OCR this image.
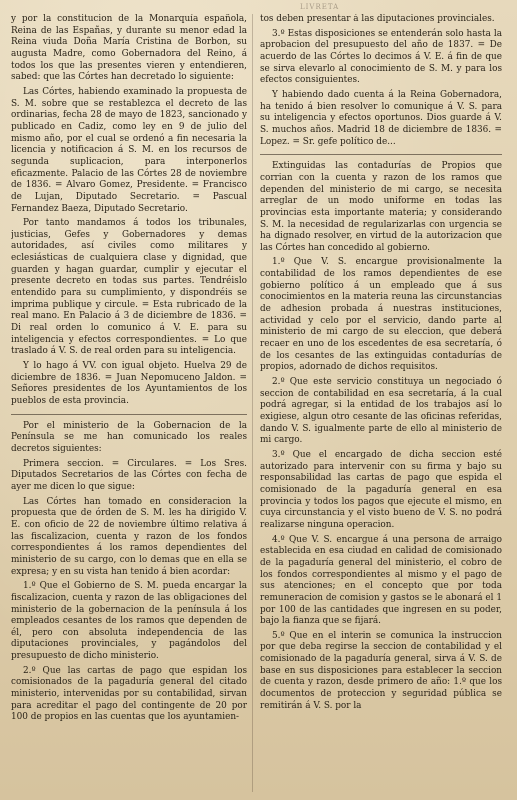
LIVRETA

y por la constitucion de la Monarquía española, Reina de las Españas, y durante su menor edad la Reina viuda Doña María Cristina de Borbon, su augusta Madre, como Gobernadora del Reino, á todos los que las presentes vieren y entendieren, sabed: que las Córtes han decretado lo siguiente:

Las Córtes, habiendo examinado la propuesta de S. M. sobre que se restablezca el decreto de las ordinarias, fecha 28 de mayo de 1823, sancionado y publicado en Cadiz, como ley en 9 de julio del mismo año, por el cual se ordenó a fin necesaria la licencia y notificacion á S. M. en los recursos de segunda suplicacion, para interponerlos eficazmente. Palacio de las Córtes 28 de noviembre de 1836. = Alvaro Gomez, Presidente. = Francisco de Lujan, Diputado Secretario. = Pascual Fernandez Baeza, Diputado Secretario.

Por tanto mandamos á todos los tribunales, justicias, Gefes y Gobernadores y demas autoridades, así civiles como militares y eclesiásticas de cualquiera clase y dignidad, que guarden y hagan guardar, cumplir y ejecutar el presente decreto en todas sus partes. Tendréislo entendido para su cumplimiento, y dispondréis se imprima publique y circule. = Esta rubricado de la real mano. En Palacio á 3 de diciembre de 1836. = Di real orden lo comunico á V. E. para su inteligencia y efectos correspondientes. = Lo que traslado á V. S. de real orden para su inteligencia.

Y lo hago á VV. con igual objeto. Huelva 29 de diciembre de 1836. = Juan Nepomuceno Jaldon. = Señores presidentes de los Ayuntamientos de los pueblos de esta provincia.

Por el ministerio de la Gobernacion de la Península se me han comunicado los reales decretos siguientes:

Primera seccion. = Circulares. = Los Sres. Diputados Secretarios de las Córtes con fecha de ayer me dicen lo que sigue:

Las Córtes han tomado en consideracion la propuesta que de órden de S. M. les ha dirigido V. E. con oficio de 22 de noviembre último relativa á las fiscalizacion, cuenta y razon de los fondos correspondientes á los ramos dependientes del ministerio de su cargo, con lo demas que en ella se expresa; y en su vista han tenido á bien acordar:

1.º Que el Gobierno de S. M. pueda encargar la fiscalizacion, cuenta y razon de las obligaciones del ministerio de la gobernacion de la península á los empleados cesantes de los ramos que dependen de él, pero con absoluta independencia de las diputaciones provinciales, y pagándolos del presupuesto de dicho ministerio.

2.º Que las cartas de pago que espidan los comisionados de la pagaduría general del citado ministerio, intervenidas por su contabilidad, sirvan para acreditar el pago del contingente de 20 por 100 de propios en las cuentas que los ayuntamien-

tos deben presentar á las diputaciones provinciales.

3.º Estas disposiciones se entenderán solo hasta la aprobacion del presupuesto del año de 1837. = De acuerdo de las Córtes lo decimos á V. E. á fin de que se sirva elevarlo al conocimiento de S. M. y para los efectos consiguientes.

Y habiendo dado cuenta á la Reina Gobernadora, ha tenido á bien resolver lo comunique á V. S. para su inteligencia y efectos oportunos. Dios guarde á V. S. muchos años. Madrid 18 de diciembre de 1836. = Lopez. = Sr. gefe político de...

Extinguidas las contadurías de Propios que corrian con la cuenta y razon de los ramos que dependen del ministerio de mi cargo, se necesita arreglar de un modo uniforme en todas las provincias esta importante materia; y considerando S. M. la necesidad de regularizarlas con urgencia se ha dignado resolver, en virtud de la autorizacion que las Córtes han concedido al gobierno.

1.º Que V. S. encargue provisionalmente la contabilidad de los ramos dependientes de ese gobierno político á un empleado que á sus conocimientos en la materia reuna las circunstancias de adhesion probada á nuestras instituciones, actividad y celo por el servicio, dando parte al ministerio de mi cargo de su eleccion, que deberá recaer en uno de los escedentes de esa secretaría, ó de los cesantes de las extinguidas contadurías de propios, adornado de dichos requisitos.

2.º Que este servicio constituya un negociado ó seccion de contabilidad en esa secretaría, á la cual podrá agregar, si la entidad de los trabajos así lo exigiese, algun otro cesante de las oficinas referidas, dando V. S. igualmente parte de ello al ministerio de mi cargo.

3.º Que el encargado de dicha seccion esté autorizado para intervenir con su firma y bajo su responsabilidad las cartas de pago que espida el comisionado de la pagaduría general en esa provincia y todos los pagos que ejecute el mismo, en cuya circunstancia y el visto bueno de V. S. no podrá realizarse ninguna operacion.

4.º Que V. S. encargue á una persona de arraigo establecida en esa ciudad en calidad de comisionado de la pagaduría general del ministerio, el cobro de los fondos correspondientes al mismo y el pago de sus atenciones; en el concepto que por toda remuneracion de comision y gastos se le abonará el 1 por 100 de las cantidades que ingresen en su poder, bajo la fianza que se fijará.

5.º Que en el interin se comunica la instruccion por que deba regirse la seccion de contabilidad y el comisionado de la pagaduría general, sirva á V. S. de base en sus disposiciones para establecer la seccion de cuenta y razon, desde primero de año: 1.º que los documentos de proteccion y seguridad pública se remitirán á V. S. por la
